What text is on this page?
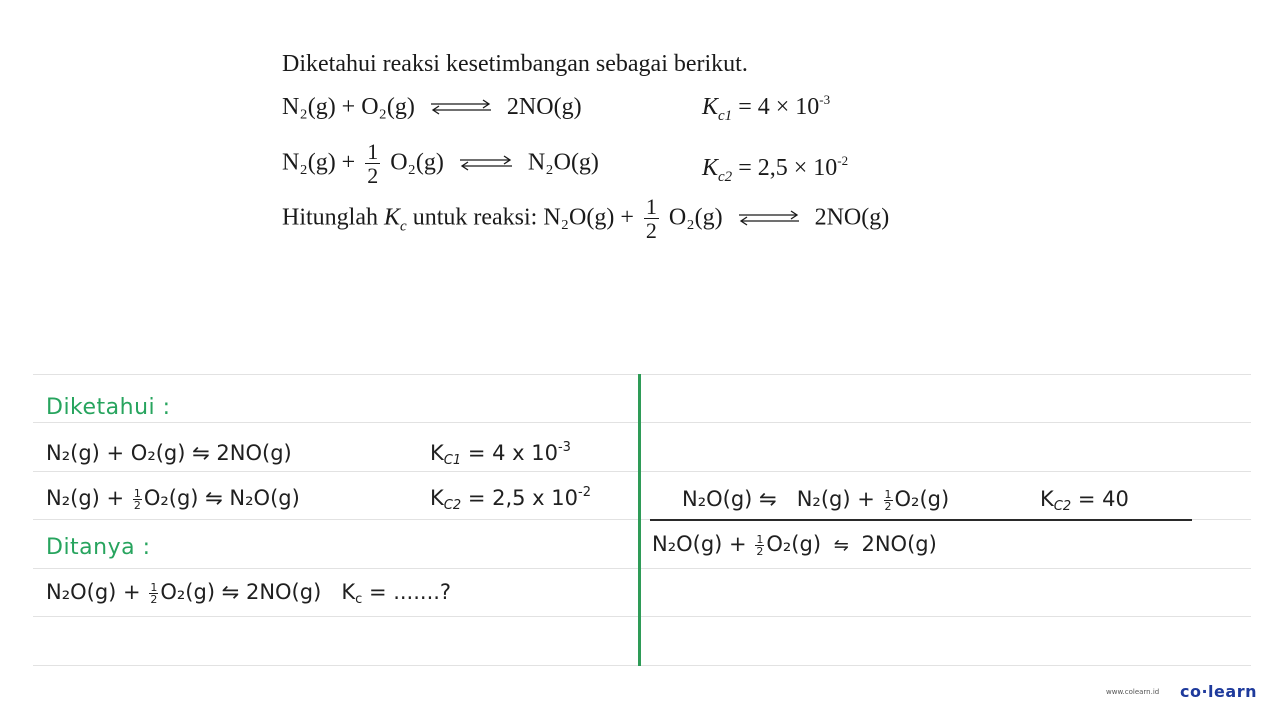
Diketahui reaksi kesetimbangan sebagai berikut.
N₂(g) + O₂(g) ⇌ 2NO(g)	$K_{c1} = 4 \times 10^{-3}$
$N_2(g) + \frac{1}{2} O_2(g)$ ⇌ N₂O(g)	$K_{c2} = 2,5 \times 10^{-2}$
Hitunglah $K_c$ untuk reaksi: $N_2O(g) + \frac{1}{2} O_2(g)$ ⇌ 2NO(g)
Diketahui :
N₂(g) + O₂(g) ⇋ 2NO(g)	$K_{C1} = 4$ x $10^{-3}$
$N_2(g) + \frac{1}{2} O_2(g)$ ⇋ N₂O(g)	$K_{C2} = 2,5$ x $10^{-2}$
Ditanya :
$N_2O(g) + \frac{1}{2} O_2(g)$ ⇋ 2NO(g) $K_c$ = .......?
N₂O(g) ⇋ $N_2(g) + \frac{1}{2} O_2(g)$	$K_{C2} = 40$
$N_2O(g) + \frac{1}{2} O_2(g)$ ⇋ 2NO(g)
www.colearn.id co·learn
